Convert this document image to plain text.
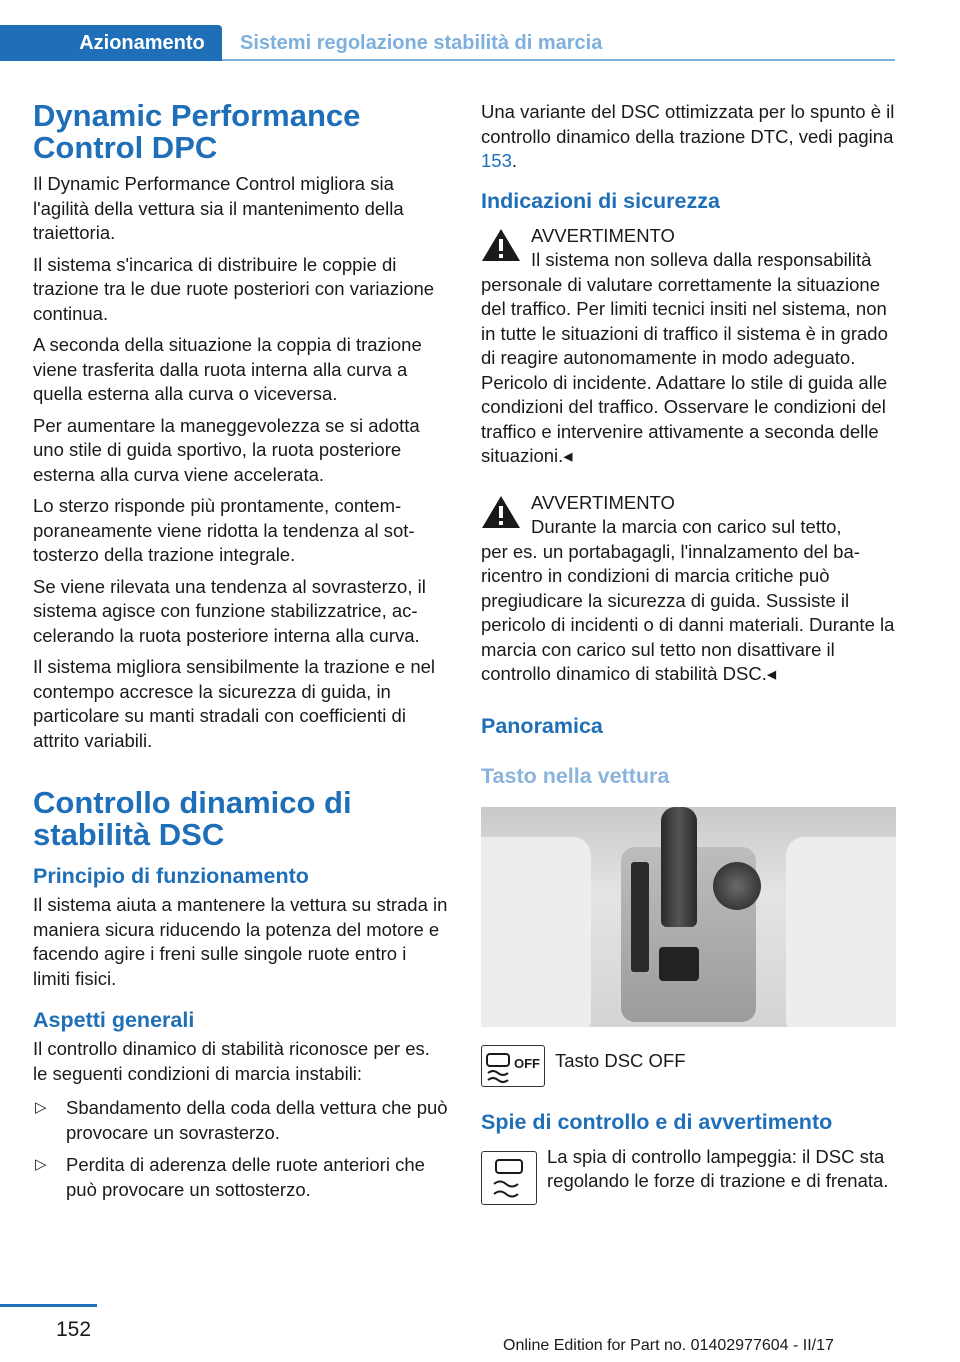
Azionamento	Sistemi regolazione stabilità di marcia
Dynamic Performance Control DPC

Il Dynamic Performance Control migliora sia l'agilità della vettura sia il mantenimento della traiettoria.

Il sistema s'incarica di distribuire le coppie di trazione tra le due ruote posteriori con variazione continua.

A seconda della situazione la coppia di trazione viene trasferita dalla ruota interna alla curva a quella esterna alla curva o viceversa.

Per aumentare la maneggevolezza se si adotta uno stile di guida sportivo, la ruota posteriore esterna alla curva viene accelerata.

Lo sterzo risponde più prontamente, contemporaneamente viene ridotta la tendenza al sottosterzo della trazione integrale.

Se viene rilevata una tendenza al sovrasterzo, il sistema agisce con funzione stabilizzatrice, accelerando la ruota posteriore interna alla curva.

Il sistema migliora sensibilmente la trazione e nel contempo accresce la sicurezza di guida, in particolare su manti stradali con coefficienti di attrito variabili.

Controllo dinamico di stabilità DSC
Principio di funzionamento

Il sistema aiuta a mantenere la vettura su strada in maniera sicura riducendo la potenza del motore e facendo agire i freni sulle singole ruote entro i limiti fisici.

Aspetti generali

Il controllo dinamico di stabilità riconosce per es. le seguenti condizioni di marcia instabili:

▷ Sbandamento della coda della vettura che può provocare un sovrasterzo.
▷ Perdita di aderenza delle ruote anteriori che può provocare un sottosterzo.

Una variante del DSC ottimizzata per lo spunto è il controllo dinamico della trazione DTC, vedi pagina 153.

Indicazioni di sicurezza

AVVERTIMENTO

Il sistema non solleva dalla responsabilità

personale di valutare correttamente la situazione del traffico. Per limiti tecnici insiti nel sistema, non in tutte le situazioni di traffico il sistema è in grado di reagire autonomamente in modo adeguato. Pericolo di incidente. Adattare lo stile di guida alle condizioni del traffico. Osservare le condizioni del traffico e intervenire attivamente a seconda delle situazioni.◂

AVVERTIMENTO

Durante la marcia con carico sul tetto,

per es. un portabagagli, l'innalzamento del baricentro in condizioni di marcia critiche può pregiudicare la sicurezza di guida. Sussiste il pericolo di incidenti o di danni materiali. Durante la marcia con carico sul tetto non disattivare il controllo dinamico di stabilità DSC.◂

Panoramica
Tasto nella vettura
OFF Tasto DSC OFF

Spie di controllo e di avvertimento

La spia di controllo lampeggia: il DSC sta regolando le forze di trazione e di frenata.

152
Online Edition for Part no. 01402977604 - II/17
